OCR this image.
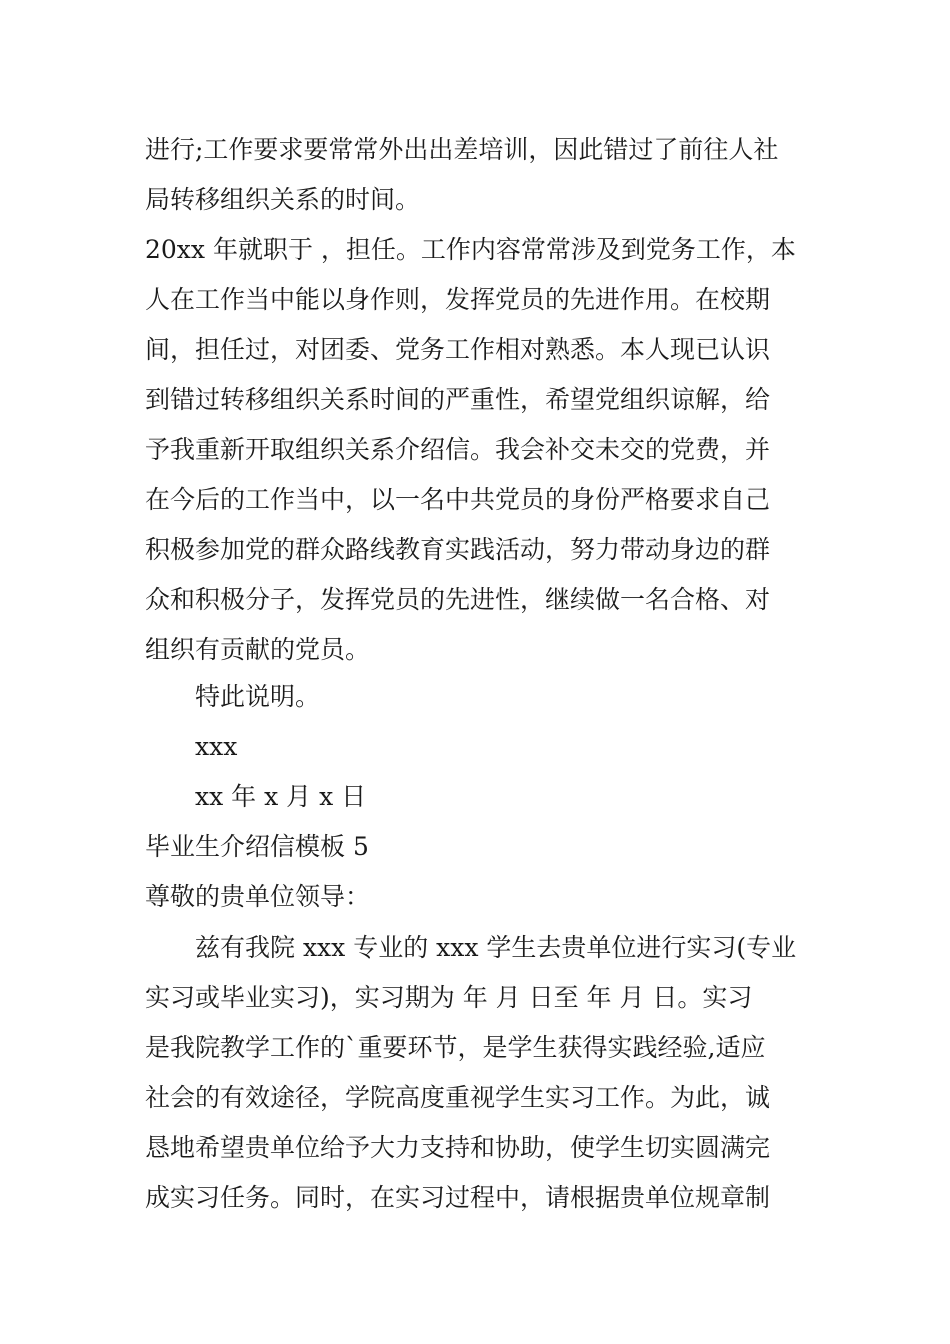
进行;工作要求要常常外出出差培训，因此错过了前往人社
局转移组织关系的时间。
20xx 年就职于 ，担任。工作内容常常涉及到党务工作，本
人在工作当中能以身作则，发挥党员的先进作用。在校期
间，担任过，对团委、党务工作相对熟悉。本人现已认识
到错过转移组织关系时间的严重性，希望党组织谅解，给
予我重新开取组织关系介绍信。我会补交未交的党费，并
在今后的工作当中，以一名中共党员的身份严格要求自己
积极参加党的群众路线教育实践活动，努力带动身边的群
众和积极分子，发挥党员的先进性，继续做一名合格、对
组织有贡献的党员。
特此说明。
xxx
xx 年 x 月 x 日
毕业生介绍信模板 5
尊敬的贵单位领导：
兹有我院 xxx 专业的 xxx 学生去贵单位进行实习(专业
实习或毕业实习)，实习期为 年 月 日至 年 月 日。实习
是我院教学工作的`重要环节，是学生获得实践经验,适应
社会的有效途径，学院高度重视学生实习工作。为此，诚
恳地希望贵单位给予大力支持和协助，使学生切实圆满完
成实习任务。同时，在实习过程中，请根据贵单位规章制
